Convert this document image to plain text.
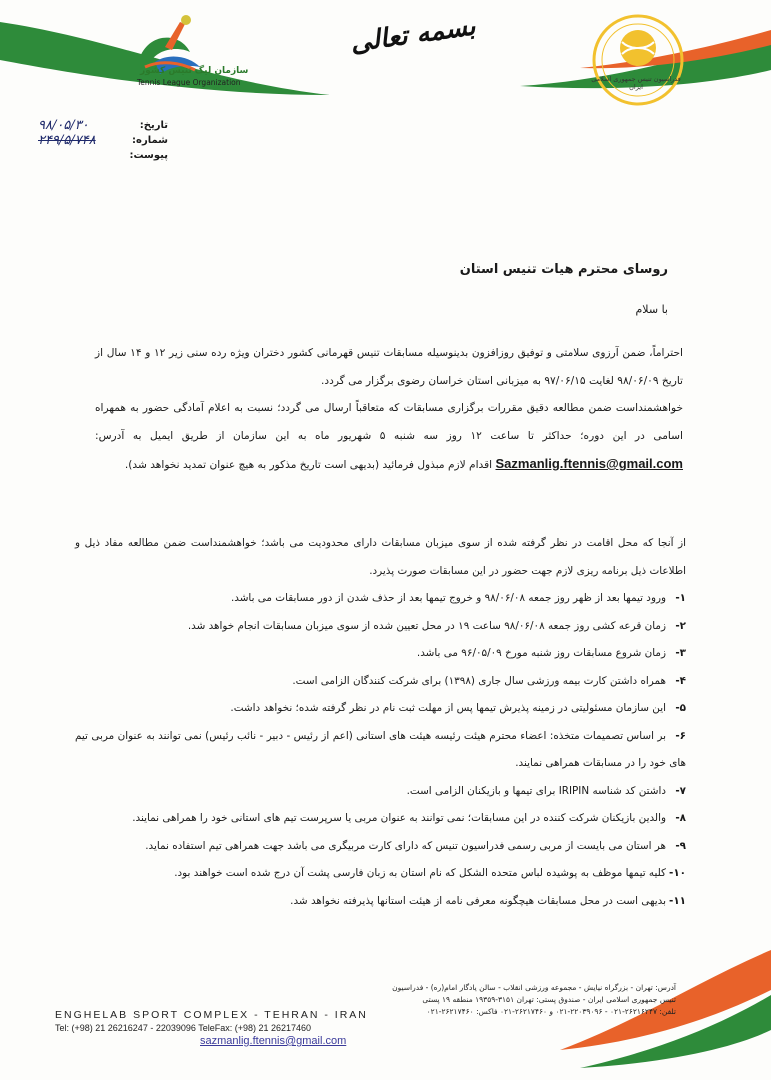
سازمان لیگ تنیس کشور
Tennis League Organization
بسمه تعالی
فدراسیون تنیس جمهوری اسلامی ایران
تاریخ:
۹۸/۰۵/۳۰
شماره:
۲۴۹/۵/۷۴۸
پیوست:
روسای محترم هیات تنیس استان
با سلام

احتراماً، ضمن آرزوی سلامتی و توفیق روزافزون بدینوسیله مسابقات تنیس قهرمانی کشور دختران ویژه رده سنی زیر ۱۲ و ۱۴ سال از تاریخ ۹۸/۰۶/۰۹ لغایت ۹۷/۰۶/۱۵ به میزبانی استان خراسان رضوی برگزار می گردد.

خواهشمنداست ضمن مطالعه دقیق مقررات برگزاری مسابقات که متعاقباً ارسال می گردد؛ نسبت به اعلام آمادگی حضور به همهراه اسامی در این دوره؛ حداکثر تا ساعت ۱۲ روز سه شنبه ۵ شهریور ماه به این سازمان از طریق ایمیل به آدرس: Sazmanlig.ftennis@gmail.com اقدام لازم مبذول فرمائید (بدیهی است تاریخ مذکور به هیچ عنوان تمدید نخواهد شد).

از آنجا که محل اقامت در نظر گرفته شده از سوی میزبان مسابقات دارای محدودیت می باشد؛ خواهشمنداست ضمن مطالعه مفاد ذیل و اطلاعات ذیل برنامه ریزی لازم جهت حضور در این مسابقات صورت پذیرد.

۱-ورود تیمها بعد از ظهر روز جمعه ۹۸/۰۶/۰۸ و خروج تیمها بعد از حذف شدن از دور مسابقات می باشد.

۲-زمان قرعه کشی روز جمعه ۹۸/۰۶/۰۸ ساعت ۱۹ در محل تعیین شده از سوی میزبان مسابقات انجام خواهد شد.

۳-زمان شروع مسابقات روز شنبه مورخ ۹۶/۰۵/۰۹ می باشد.

۴-همراه داشتن کارت بیمه ورزشی سال جاری (۱۳۹۸) برای شرکت کنندگان الزامی است.

۵-این سازمان مسئولیتی در زمینه پذیرش تیمها پس از مهلت ثبت نام در نظر گرفته شده؛ نخواهد داشت.

۶-بر اساس تصمیمات متخذه: اعضاء محترم هیئت رئیسه هیئت های استانی (اعم از رئیس - دبیر - نائب رئیس) نمی توانند به عنوان مربی تیم های خود را در مسابقات همراهی نمایند.

۷-داشتن کد شناسه IRIPIN برای تیمها و بازیکنان الزامی است.

۸-والدین بازیکنان شرکت کننده در این مسابقات؛ نمی توانند به عنوان مربی یا سرپرست تیم های استانی خود را همراهی نمایند.

۹-هر استان می بایست از مربی رسمی فدراسیون تنیس که دارای کارت مربیگری می باشد جهت همراهی تیم استفاده نماید.

۱۰-کلیه تیمها موظف به پوشیده لباس متحده الشکل که نام استان به زبان فارسی پشت آن درج شده است خواهند بود.

۱۱-بدیهی است در محل مسابقات هیچگونه معرفی نامه از هیئت استانها پذیرفته نخواهد شد.

آدرس: تهران - بزرگراه نیایش - مجموعه ورزشی انقلاب - سالن یادگار امام(ره) - فدراسیون
تنیس جمهوری اسلامی ایران - صندوق پستی: تهران ۳۱۵۱-۱۹۳۵۹ منطقه ۱۹ پستی
تلفن: ۲۶۲۱۶۲۴۷-۰۲۱ - ۲۲۰۳۹۰۹۶-۰۲۱ و ۲۶۲۱۷۴۶۰-۰۲۱ فاکس: ۲۶۲۱۷۴۶۰-۰۲۱
ENGHELAB SPORT COMPLEX - TEHRAN - IRAN
Tel: (+98) 21 26216247 - 22039096 TeleFax: (+98) 21 26217460
sazmanlig.ftennis@gmail.com
